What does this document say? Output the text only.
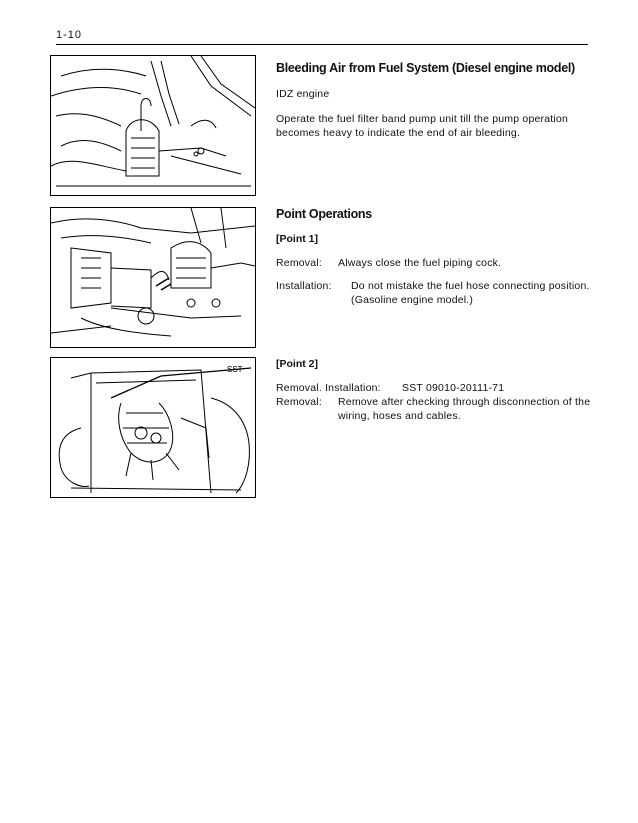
1-10
SST

Bleeding Air from Fuel System (Diesel engine model)

IDZ engine

Operate the fuel filter band pump unit till the pump operation becomes heavy to indicate the end of air bleeding.

Point Operations

[Point 1]

Removal:	Always close the fuel piping cock.
Installation:	Do not mistake the fuel hose connecting position. (Gasoline engine model.)

[Point 2]

Removal. Installation:	SST 09010-20111-71
Removal:	Remove after checking through disconnection of the wiring, hoses and cables.
